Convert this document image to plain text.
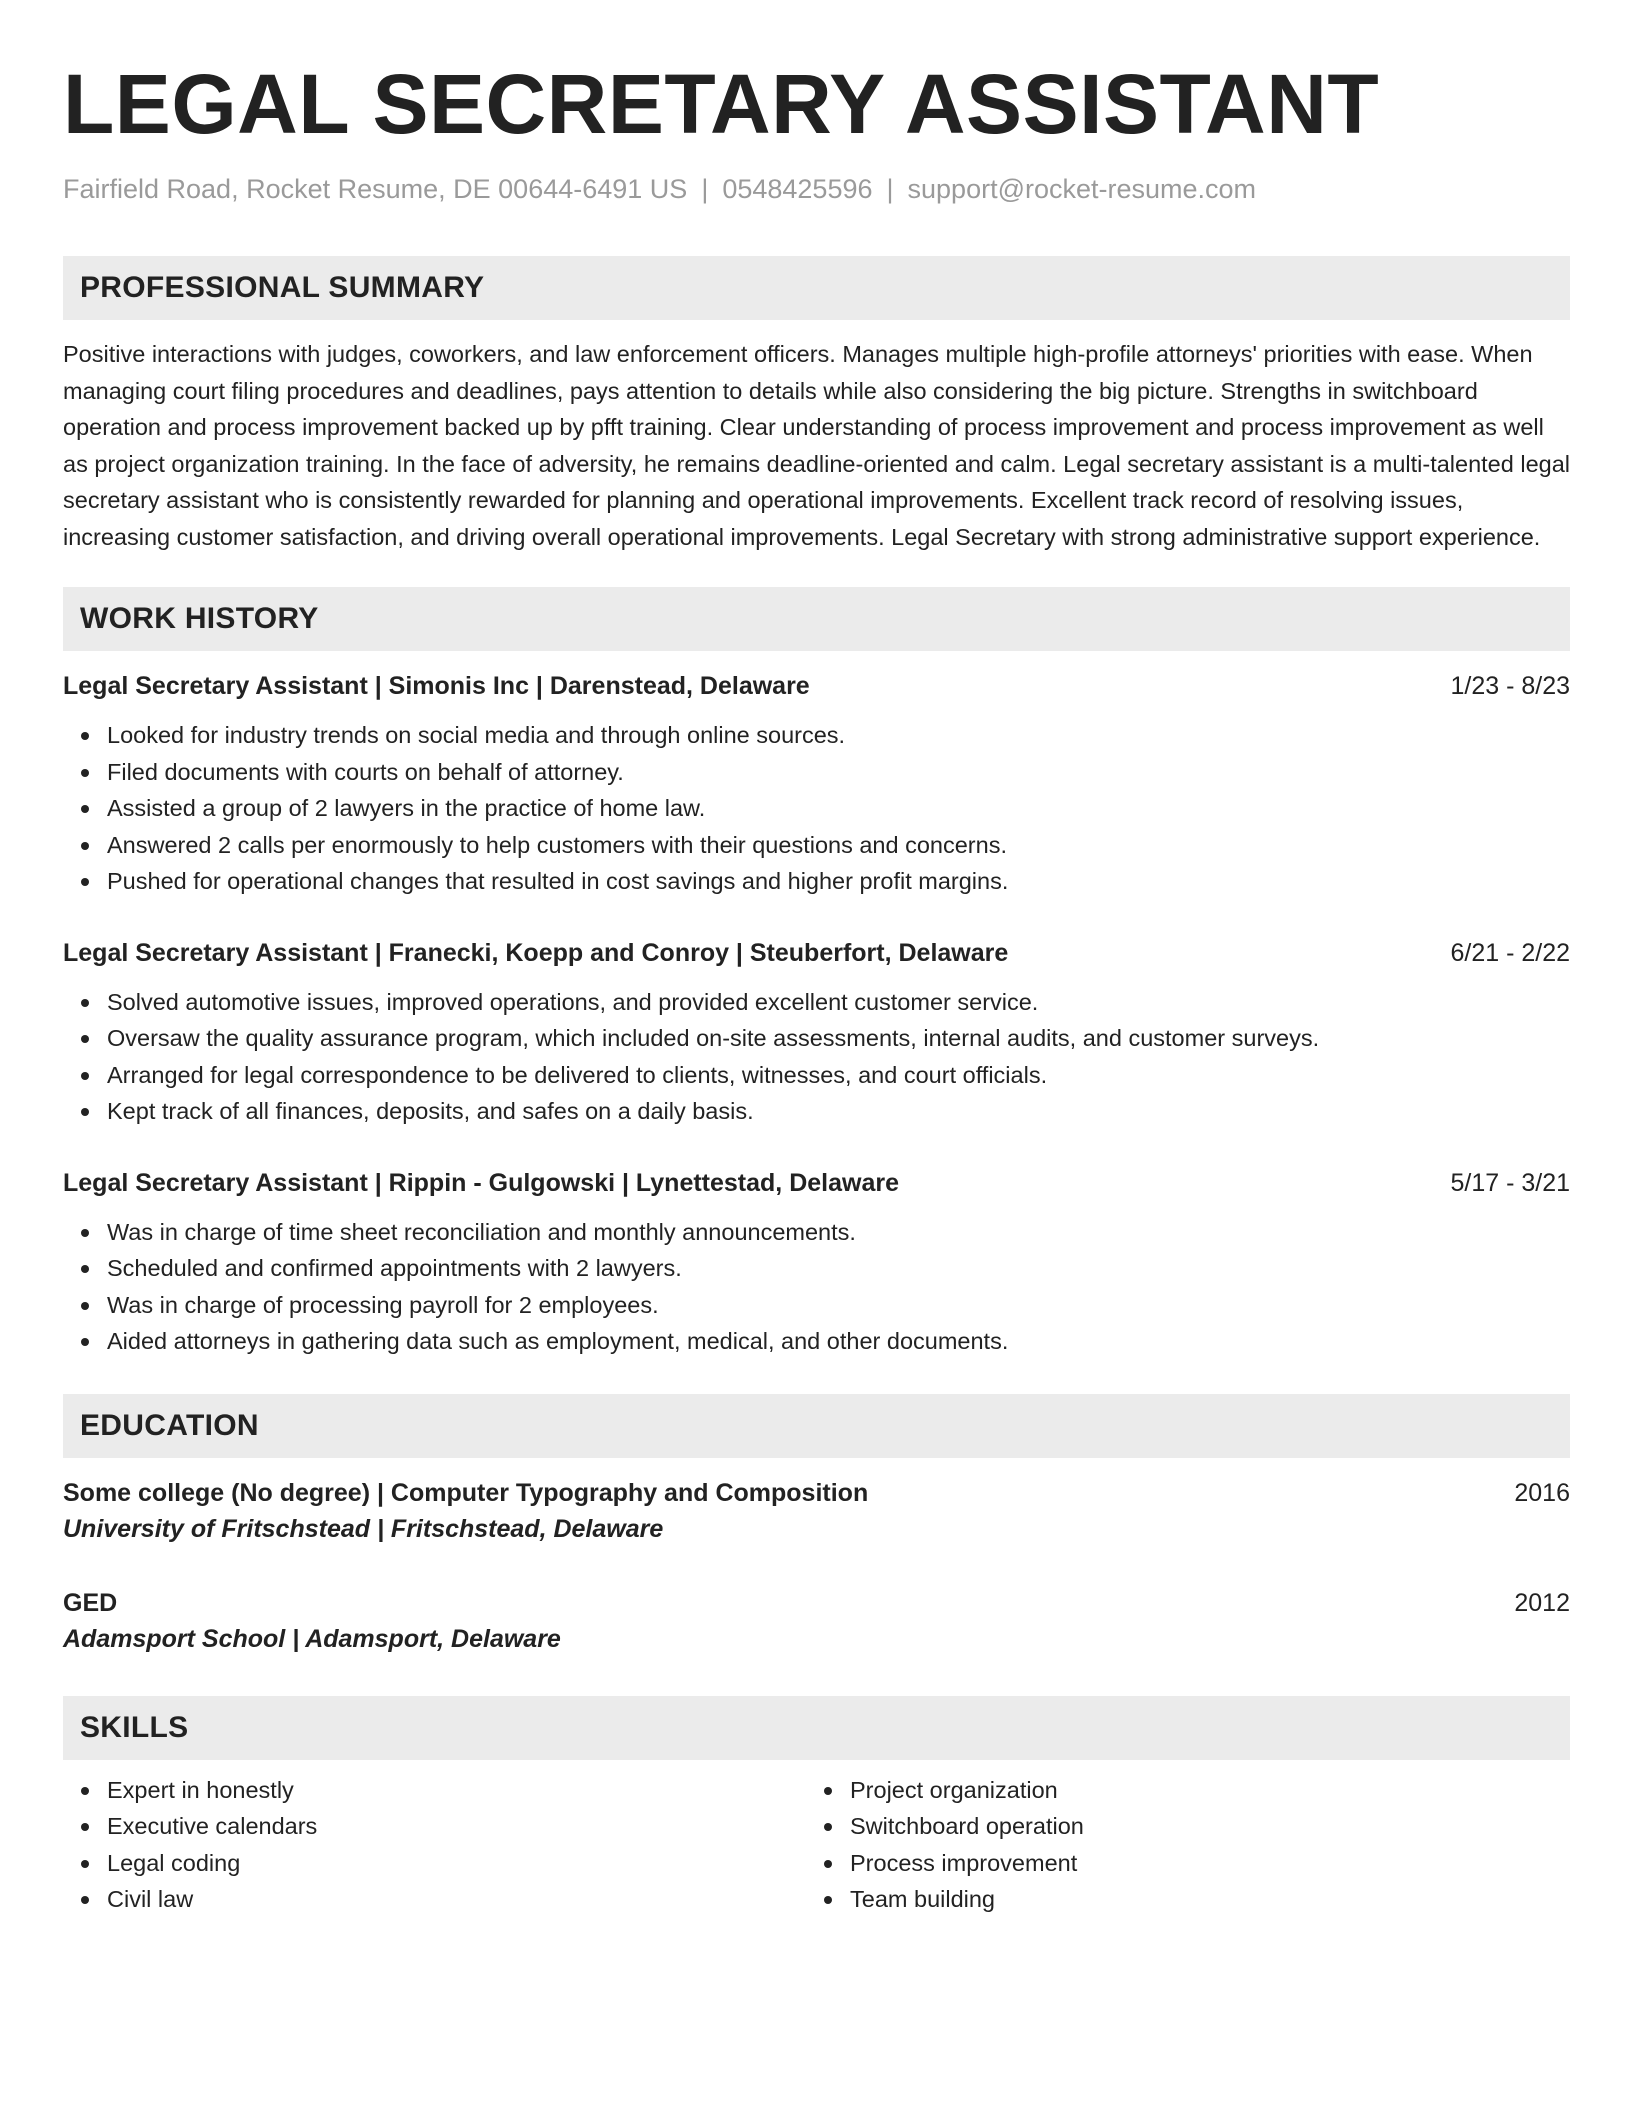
LEGAL SECRETARY ASSISTANT
Fairfield Road, Rocket Resume, DE 00644-6491 US | 0548425596 | support@rocket-resume.com
PROFESSIONAL SUMMARY
Positive interactions with judges, coworkers, and law enforcement officers. Manages multiple high-profile attorneys' priorities with ease. When managing court filing procedures and deadlines, pays attention to details while also considering the big picture. Strengths in switchboard operation and process improvement backed up by pfft training. Clear understanding of process improvement and process improvement as well as project organization training. In the face of adversity, he remains deadline-oriented and calm. Legal secretary assistant is a multi-talented legal secretary assistant who is consistently rewarded for planning and operational improvements. Excellent track record of resolving issues, increasing customer satisfaction, and driving overall operational improvements. Legal Secretary with strong administrative support experience.
WORK HISTORY
Legal Secretary Assistant | Simonis Inc | Darenstead, Delaware	1/23 - 8/23
Looked for industry trends on social media and through online sources.
Filed documents with courts on behalf of attorney.
Assisted a group of 2 lawyers in the practice of home law.
Answered 2 calls per enormously to help customers with their questions and concerns.
Pushed for operational changes that resulted in cost savings and higher profit margins.
Legal Secretary Assistant | Franecki, Koepp and Conroy | Steuberfort, Delaware	6/21 - 2/22
Solved automotive issues, improved operations, and provided excellent customer service.
Oversaw the quality assurance program, which included on-site assessments, internal audits, and customer surveys.
Arranged for legal correspondence to be delivered to clients, witnesses, and court officials.
Kept track of all finances, deposits, and safes on a daily basis.
Legal Secretary Assistant | Rippin - Gulgowski | Lynettestad, Delaware	5/17 - 3/21
Was in charge of time sheet reconciliation and monthly announcements.
Scheduled and confirmed appointments with 2 lawyers.
Was in charge of processing payroll for 2 employees.
Aided attorneys in gathering data such as employment, medical, and other documents.
EDUCATION
Some college (No degree) | Computer Typography and Composition	2016
University of Fritschstead | Fritschstead, Delaware
GED	2012
Adamsport School | Adamsport, Delaware
SKILLS
Expert in honestly
Executive calendars
Legal coding
Civil law
Project organization
Switchboard operation
Process improvement
Team building
